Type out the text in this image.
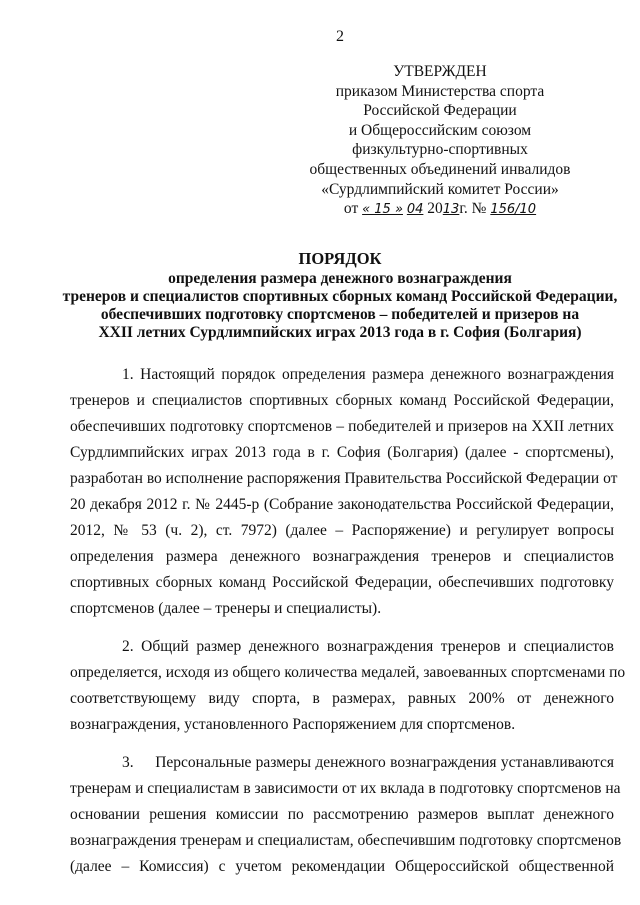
2
УТВЕРЖДЕН
приказом Министерства спорта
Российской Федерации
и Общероссийским союзом
физкультурно-спортивных
общественных объединений инвалидов
«Сурдлимпийский комитет России»
от « 15 » 04 2013г. № 156/10
ПОРЯДОК
определения размера денежного вознаграждения
тренеров и специалистов спортивных сборных команд Российской Федерации,
обеспечивших подготовку спортсменов – победителей и призеров на
XXII летних Сурдлимпийских играх 2013 года в г. София (Болгария)
1. Настоящий порядок определения размера денежного вознаграждения
тренеров и специалистов спортивных сборных команд Российской Федерации,
обеспечивших подготовку спортсменов – победителей и призеров на XXII летних
Сурдлимпийских играх 2013 года в г. София (Болгария) (далее - спортсмены),
разработан во исполнение распоряжения Правительства Российской Федерации от
20 декабря 2012 г. № 2445-р (Собрание законодательства Российской Федерации,
2012, № 53 (ч. 2), ст. 7972) (далее – Распоряжение) и регулирует вопросы
определения размера денежного вознаграждения тренеров и специалистов
спортивных сборных команд Российской Федерации, обеспечивших подготовку
спортсменов (далее – тренеры и специалисты).
2. Общий размер денежного вознаграждения тренеров и специалистов
определяется, исходя из общего количества медалей, завоеванных спортсменами по
соответствующему виду спорта, в размерах, равных 200% от денежного
вознаграждения, установленного Распоряжением для спортсменов.
3.     Персональные размеры денежного вознаграждения устанавливаются
тренерам и специалистам в зависимости от их вклада в подготовку спортсменов на
основании решения комиссии по рассмотрению размеров выплат денежного
вознаграждения тренерам и специалистам, обеспечившим подготовку спортсменов
(далее – Комиссия) с учетом рекомендации Общероссийской общественной
